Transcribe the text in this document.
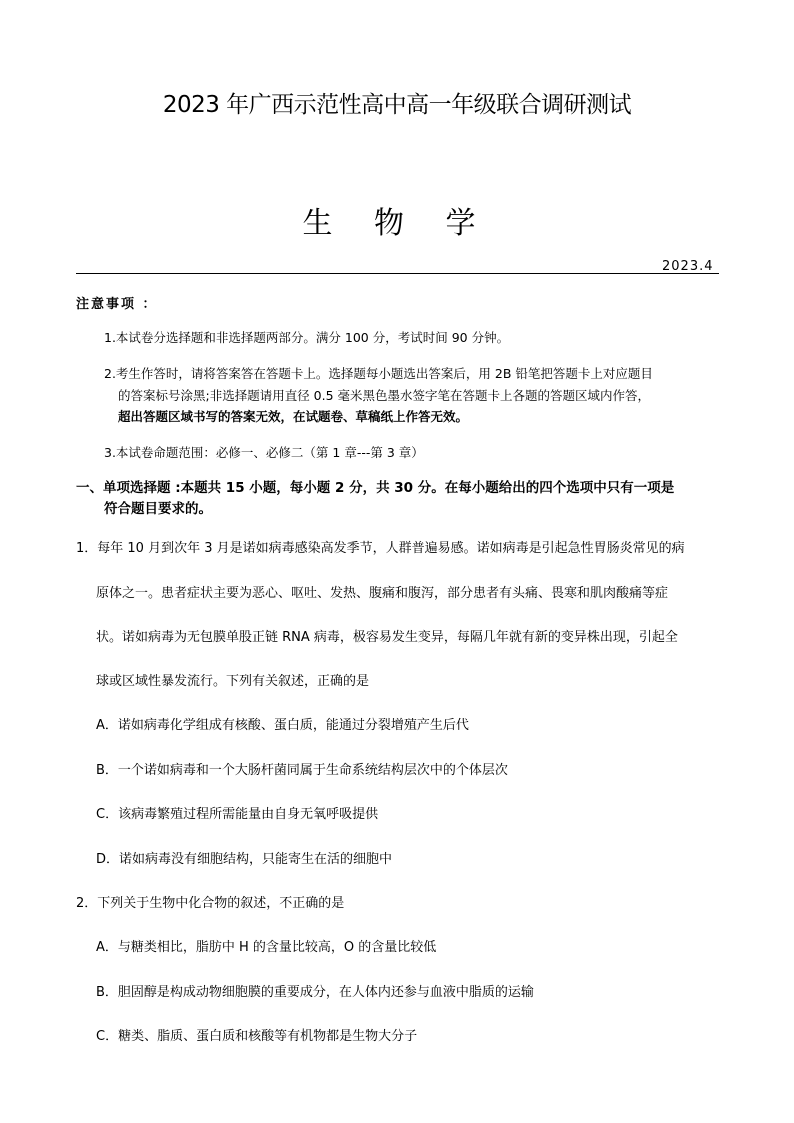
2023 年广西示范性高中高一年级联合调研测试
生 物 学
2023.4
注意事项 ：
1.本试卷分选择题和非选择题两部分。满分 100 分，考试时间 90 分钟。
2.考生作答时，请将答案答在答题卡上。选择题每小题选出答案后，用 2B 铅笔把答题卡上对应题目
的答案标号涂黑;非选择题请用直径 0.5 毫米黑色墨水签字笔在答题卡上各题的答题区域内作答，
超出答题区域书写的答案无效，在试题卷、草稿纸上作答无效。
3.本试卷命题范围：必修一、必修二（第 1 章---第 3 章）
一、单项选择题 :本题共 15 小题，每小题 2 分，共 30 分。在每小题给出的四个选项中只有一项是
符合题目要求的。
1．每年 10 月到次年 3 月是诺如病毒感染高发季节，人群普遍易感。诺如病毒是引起急性胃肠炎常见的病
原体之一。患者症状主要为恶心、呕吐、发热、腹痛和腹泻，部分患者有头痛、畏寒和肌肉酸痛等症
状。诺如病毒为无包膜单股正链 RNA 病毒，极容易发生变异，每隔几年就有新的变异株出现，引起全
球或区域性暴发流行。下列有关叙述，正确的是
A．诺如病毒化学组成有核酸、蛋白质，能通过分裂增殖产生后代
B．一个诺如病毒和一个大肠杆菌同属于生命系统结构层次中的个体层次
C．该病毒繁殖过程所需能量由自身无氧呼吸提供
D．诺如病毒没有细胞结构，只能寄生在活的细胞中
2．下列关于生物中化合物的叙述，不正确的是
A．与糖类相比，脂肪中 H 的含量比较高，O 的含量比较低
B．胆固醇是构成动物细胞膜的重要成分，在人体内还参与血液中脂质的运输
C．糖类、脂质、蛋白质和核酸等有机物都是生物大分子
